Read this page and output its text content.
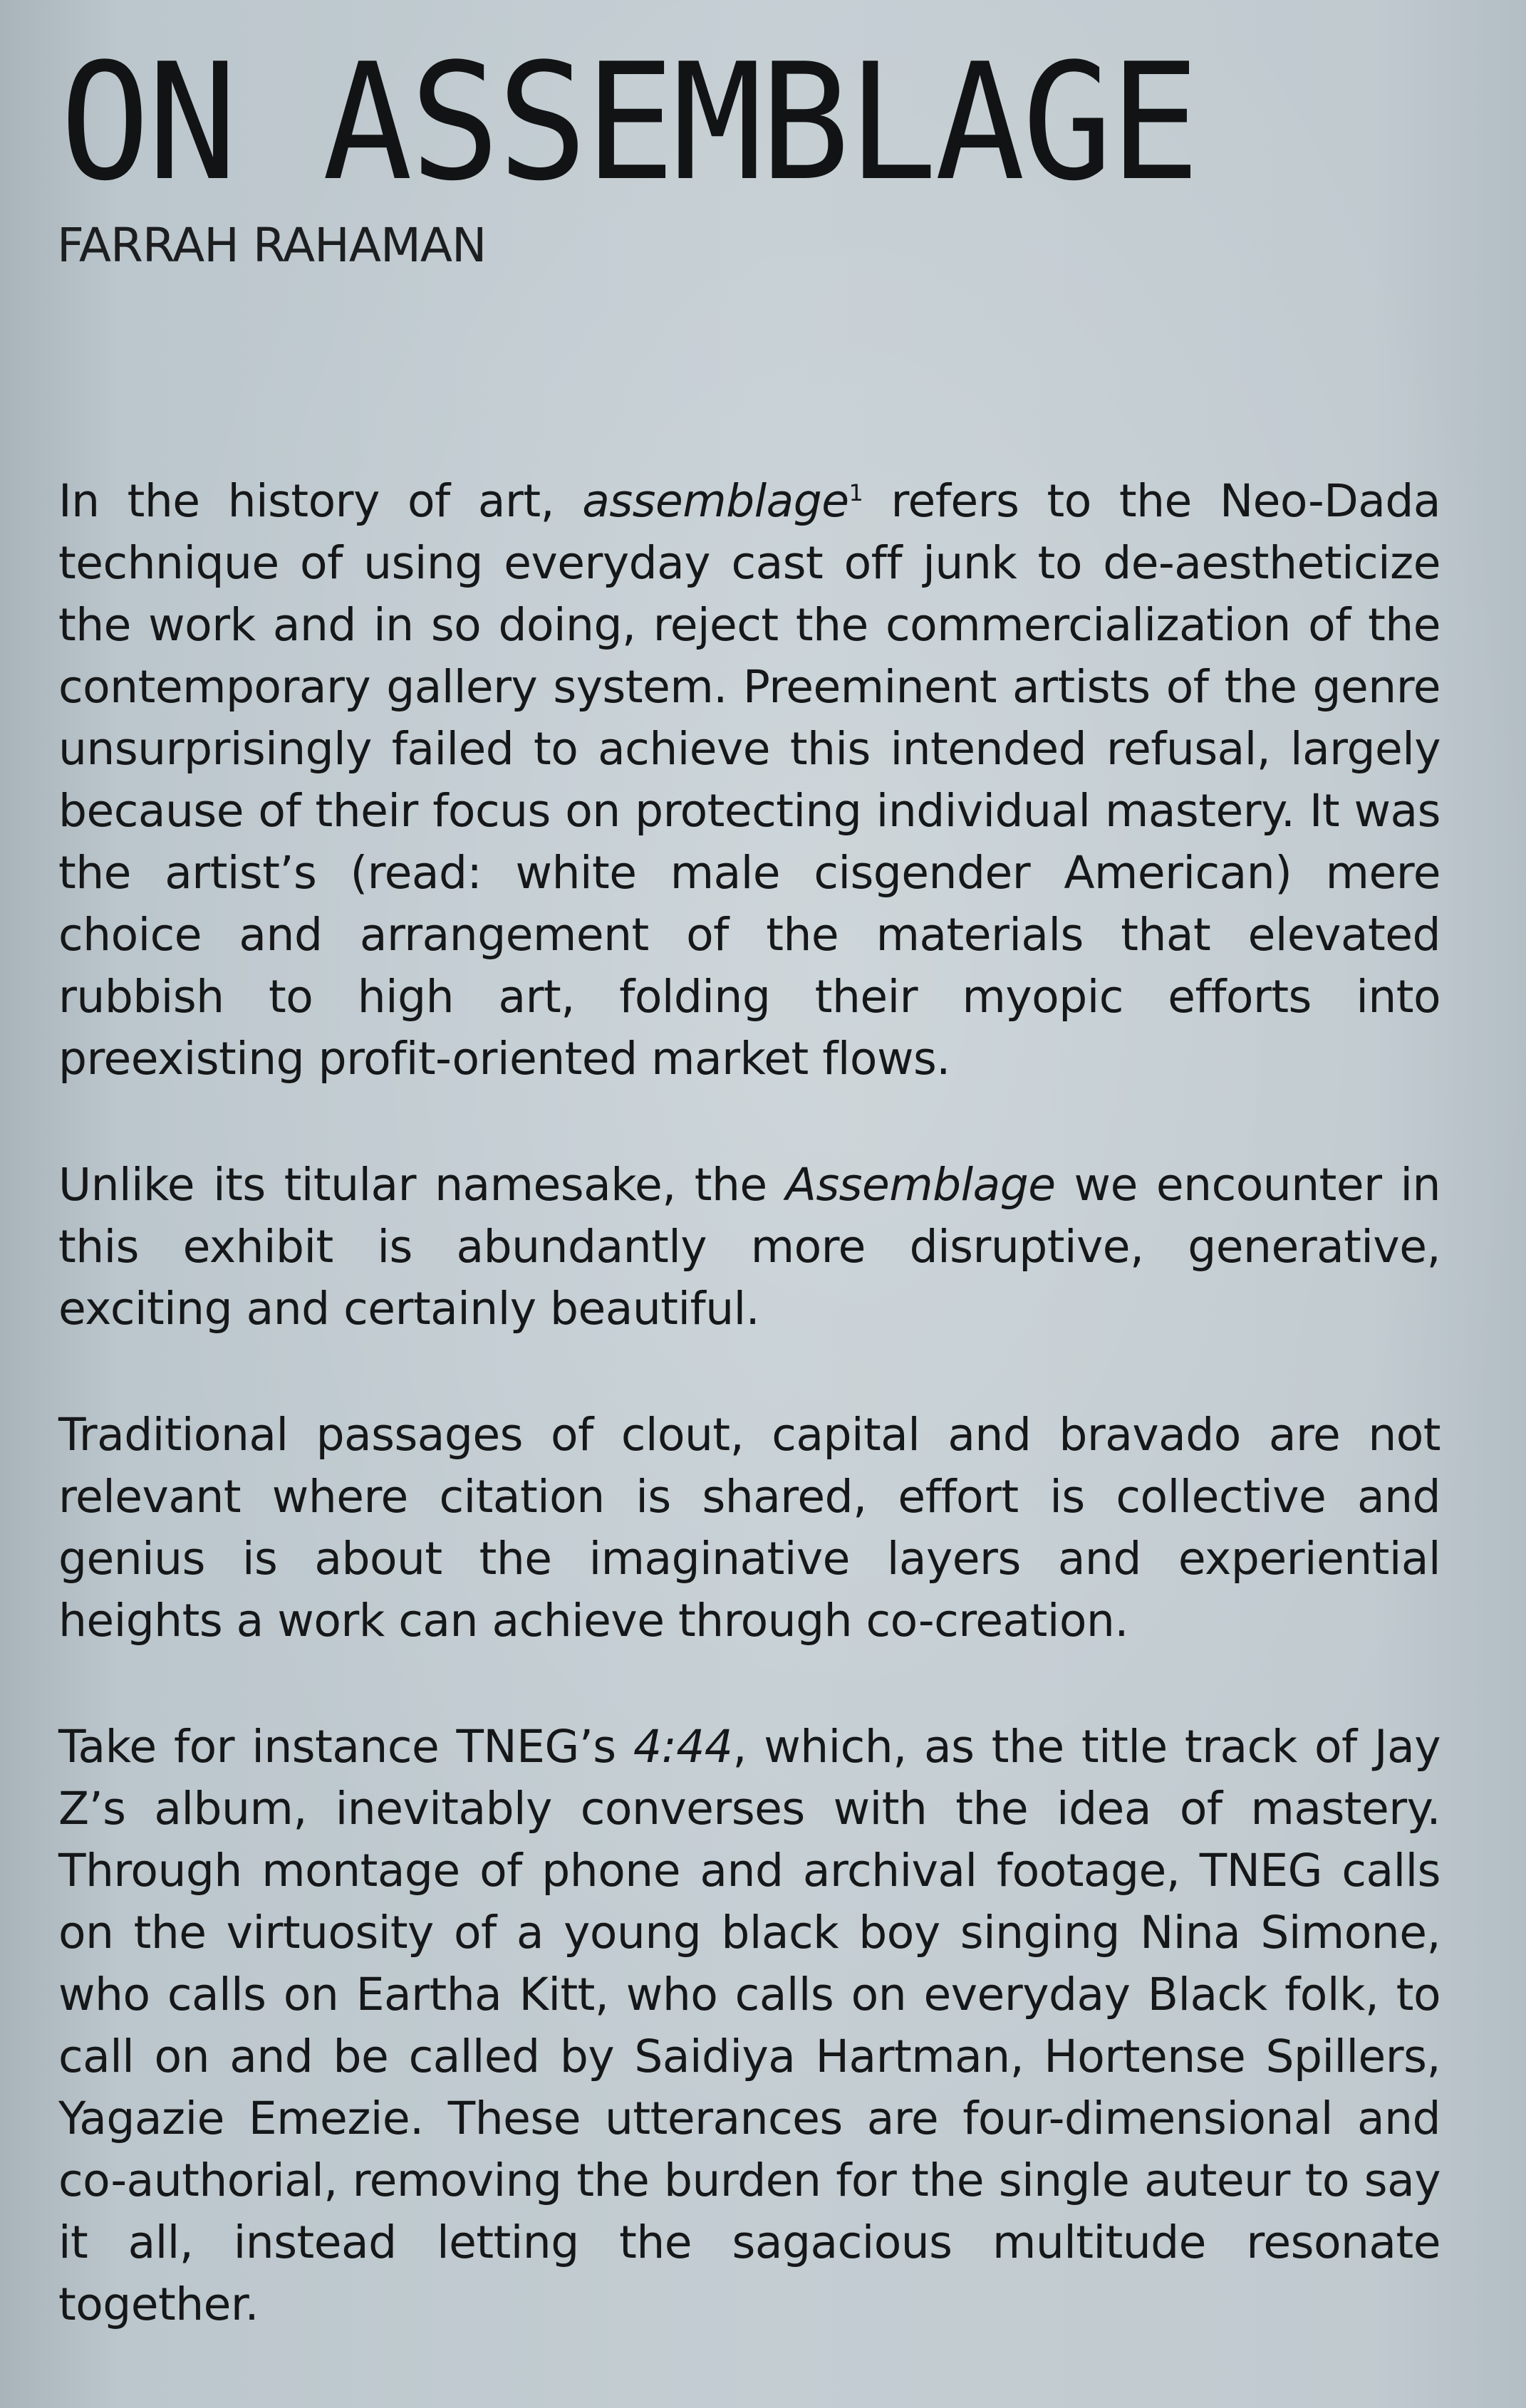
ON ASSEMBLAGE
FARRAH RAHAMAN

In the history of art, assemblage$^1$ refers to the Neo-Dada technique of using everyday cast off junk to de-aestheticize the work and in so doing, reject the commercialization of the contemporary gallery system. Preeminent artists of the genre unsurprisingly failed to achieve this intended refusal, largely because of their focus on protecting individual mastery. It was the artist’s (read: white male cisgender American) mere choice and arrangement of the materials that elevated rubbish to high art, folding their myopic efforts into preexisting profit-oriented market flows.

Unlike its titular namesake, the Assemblage we encounter in this exhibit is abundantly more disruptive, generative, exciting and certainly beautiful.

Traditional passages of clout, capital and bravado are not relevant where citation is shared, effort is collective and genius is about the imaginative layers and experiential heights a work can achieve through co-creation.

Take for instance TNEG’s 4:44, which, as the title track of Jay Z’s album, inevitably converses with the idea of mastery. Through montage of phone and archival footage, TNEG calls on the virtuosity of a young black boy singing Nina Simone, who calls on Eartha Kitt, who calls on everyday Black folk, to call on and be called by Saidiya Hartman, Hortense Spillers, Yagazie Emezie. These utterances are four-dimensional and co-authorial, removing the burden for the single auteur to say it all, instead letting the sagacious multitude resonate together.
